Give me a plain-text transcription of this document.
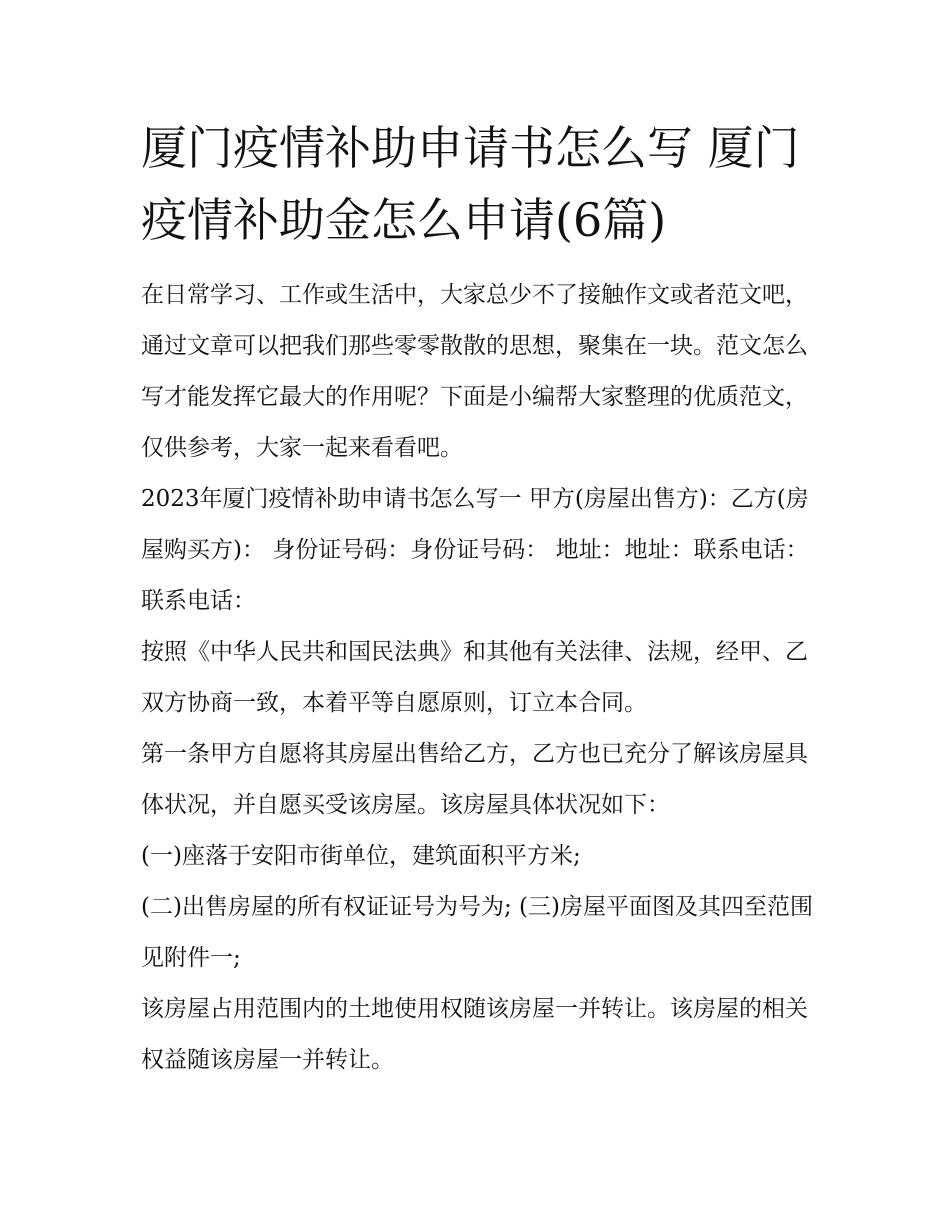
厦门疫情补助申请书怎么写 厦门疫情补助金怎么申请(6篇)

在日常学习、工作或生活中，大家总少不了接触作文或者范文吧，通过文章可以把我们那些零零散散的思想，聚集在一块。范文怎么写才能发挥它最大的作用呢？下面是小编帮大家整理的优质范文，仅供参考，大家一起来看看吧。

2023年厦门疫情补助申请书怎么写一 甲方(房屋出售方)：乙方(房屋购买方)： 身份证号码：身份证号码： 地址：地址：联系电话：联系电话：

按照《中华人民共和国民法典》和其他有关法律、法规，经甲、乙双方协商一致，本着平等自愿原则，订立本合同。

第一条甲方自愿将其房屋出售给乙方，乙方也已充分了解该房屋具体状况，并自愿买受该房屋。该房屋具体状况如下：

(一)座落于安阳市街单位，建筑面积平方米;

(二)出售房屋的所有权证证号为号为; (三)房屋平面图及其四至范围见附件一;

该房屋占用范围内的土地使用权随该房屋一并转让。该房屋的相关权益随该房屋一并转让。
